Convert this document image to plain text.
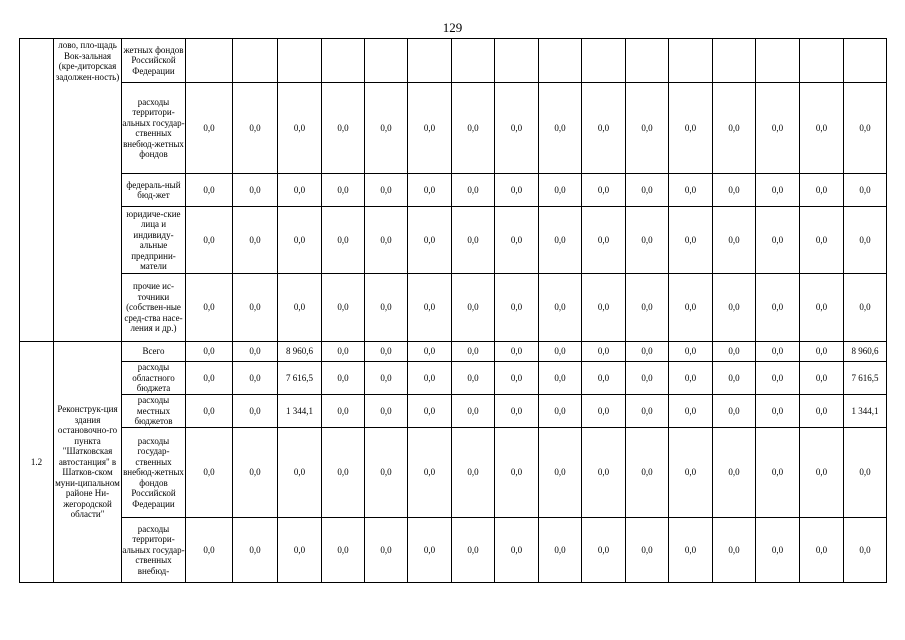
129
	лово, пло-щадь Вок-зальная (кре-диторская задолжен-ность)	жетных фондов Российской Федерации																
		расходы территори-альных государ-ственных внебюд-жетных фондов	0,0	0,0	0,0	0,0	0,0	0,0	0,0	0,0	0,0	0,0	0,0	0,0	0,0	0,0	0,0	0,0
		федераль-ный бюд-жет	0,0	0,0	0,0	0,0	0,0	0,0	0,0	0,0	0,0	0,0	0,0	0,0	0,0	0,0	0,0	0,0
		юридиче-ские лица и индивиду-альные предприни-матели	0,0	0,0	0,0	0,0	0,0	0,0	0,0	0,0	0,0	0,0	0,0	0,0	0,0	0,0	0,0	0,0
		прочие ис-точники (собствен-ные сред-ства насе-ления и др.)	0,0	0,0	0,0	0,0	0,0	0,0	0,0	0,0	0,0	0,0	0,0	0,0	0,0	0,0	0,0	0,0
1.2	Реконструк-ция здания остановочно-го пункта "Шатковская автостанция" в Шатков-ском муни-ципальном районе Ни-жегородской области"	Всего	0,0	0,0	8 960,6	0,0	0,0	0,0	0,0	0,0	0,0	0,0	0,0	0,0	0,0	0,0	0,0	8 960,6
		расходы областного бюджета	0,0	0,0	7 616,5	0,0	0,0	0,0	0,0	0,0	0,0	0,0	0,0	0,0	0,0	0,0	0,0	7 616,5
		расходы местных бюджетов	0,0	0,0	1 344,1	0,0	0,0	0,0	0,0	0,0	0,0	0,0	0,0	0,0	0,0	0,0	0,0	1 344,1
		расходы государ-ственных внебюд-жетных фондов Российской Федерации	0,0	0,0	0,0	0,0	0,0	0,0	0,0	0,0	0,0	0,0	0,0	0,0	0,0	0,0	0,0	0,0
		расходы территори-альных государ-ственных внебюд-	0,0	0,0	0,0	0,0	0,0	0,0	0,0	0,0	0,0	0,0	0,0	0,0	0,0	0,0	0,0	0,0
